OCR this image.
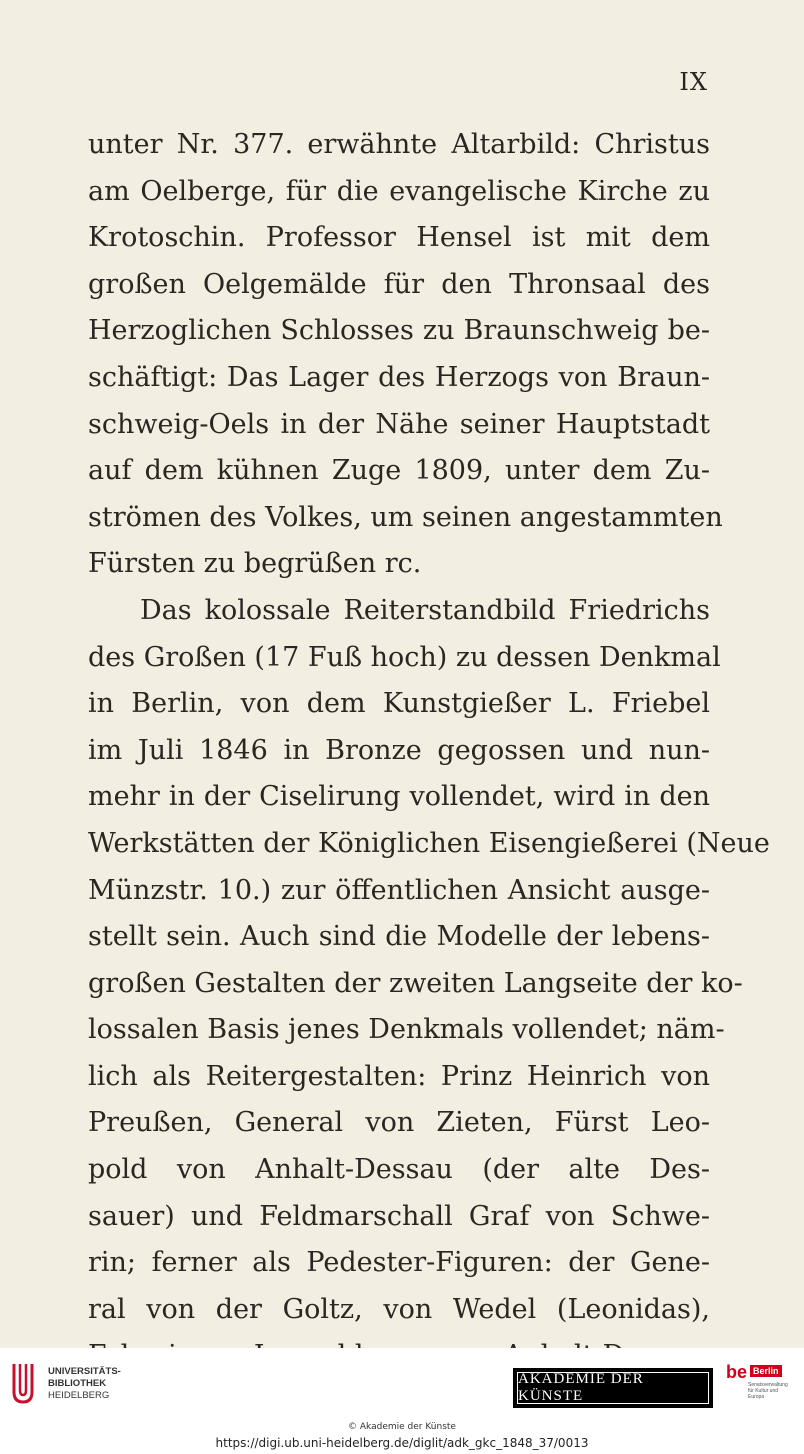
IX
unter Nr. 377. erwähnte Altarbild: Christus
am Oelberge, für die evangelische Kirche zu
Krotoschin. Professor Hensel ist mit dem
großen Oelgemälde für den Thronsaal des
Herzoglichen Schlosses zu Braunschweig be-
schäftigt: Das Lager des Herzogs von Braun-
schweig-Oels in der Nähe seiner Hauptstadt
auf dem kühnen Zuge 1809, unter dem Zu-
strömen des Volkes, um seinen angestammten
Fürsten zu begrüßen rc.
Das kolossale Reiterstandbild Friedrichs
des Großen (17 Fuß hoch) zu dessen Denkmal
in Berlin, von dem Kunstgießer L. Friebel
im Juli 1846 in Bronze gegossen und nun-
mehr in der Ciselirung vollendet, wird in den
Werkstätten der Königlichen Eisengießerei (Neue
Münzstr. 10.) zur öffentlichen Ansicht ausge-
stellt sein. Auch sind die Modelle der lebens-
großen Gestalten der zweiten Langseite der ko-
lossalen Basis jenes Denkmals vollendet; näm-
lich als Reitergestalten: Prinz Heinrich von
Preußen, General von Zieten, Fürst Leo-
pold von Anhalt-Dessau (der alte Des-
sauer) und Feldmarschall Graf von Schwe-
rin; ferner als Pedester-Figuren: der Gene-
ral von der Goltz, von Wedel (Leonidas),
UNIVERSITÄTS-
BIBLIOTHEK
HEIDELBERG
AKADEMIE DER KÜNSTE
be Berlin
Senatsverwaltung
für Kultur und Europa
© Akademie der Künste
https://digi.ub.uni-heidelberg.de/diglit/adk_gkc_1848_37/0013
